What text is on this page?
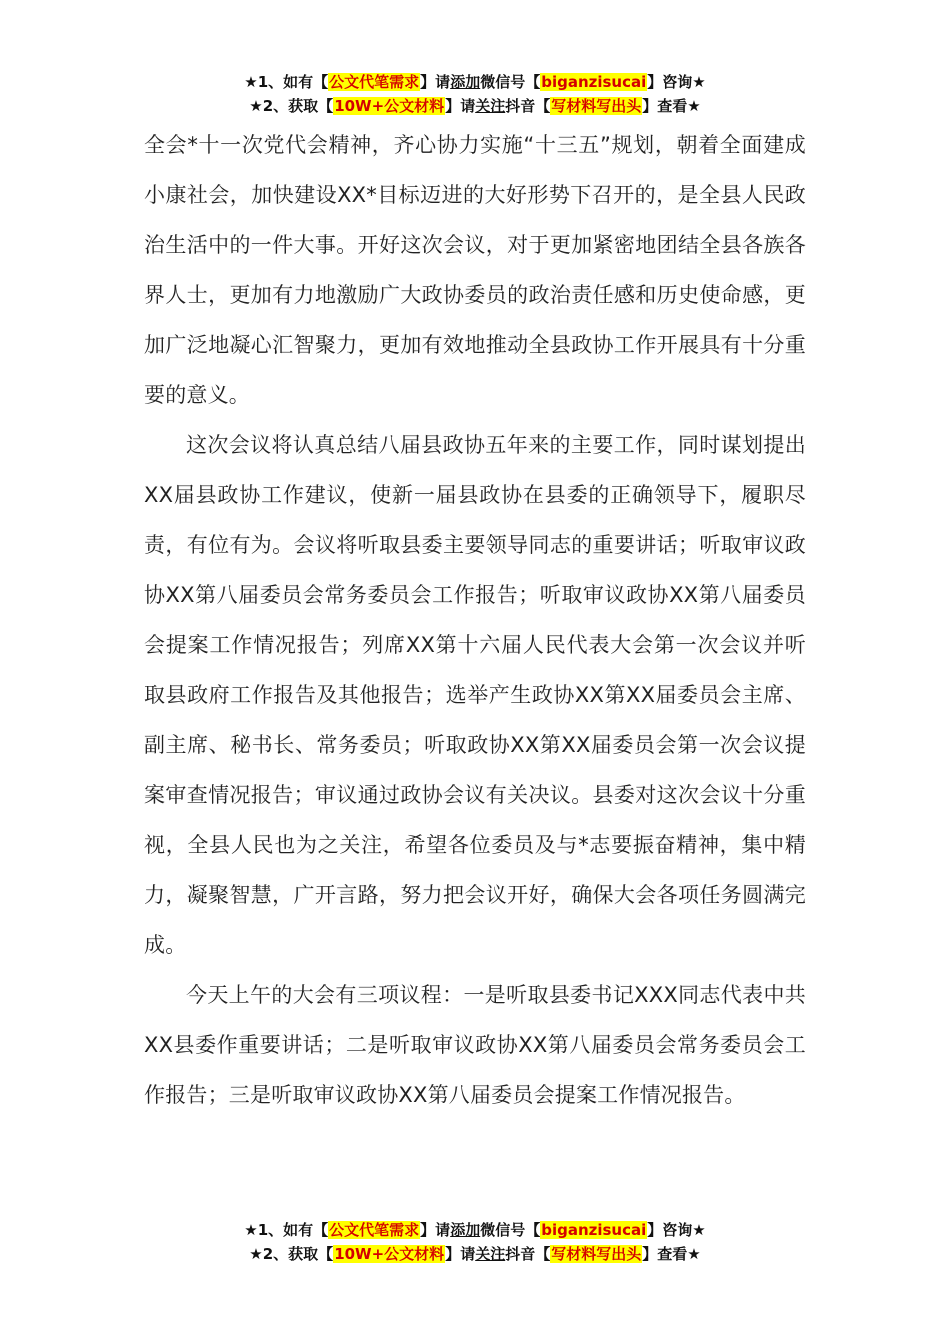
★1、如有【公文代笔需求】请添加微信号【biganzisucai】咨询★
★2、获取【10W+公文材料】请关注抖音【写材料写出头】查看★

全会*十一次党代会精神，齐心协力实施“十三五”规划，朝着全面建成小康社会，加快建设XX*目标迈进的大好形势下召开的，是全县人民政治生活中的一件大事。开好这次会议，对于更加紧密地团结全县各族各界人士，更加有力地激励广大政协委员的政治责任感和历史使命感，更加广泛地凝心汇智聚力，更加有效地推动全县政协工作开展具有十分重要的意义。

这次会议将认真总结八届县政协五年来的主要工作，同时谋划提出XX届县政协工作建议，使新一届县政协在县委的正确领导下，履职尽责，有位有为。会议将听取县委主要领导同志的重要讲话；听取审议政协XX第八届委员会常务委员会工作报告；听取审议政协XX第八届委员会提案工作情况报告；列席XX第十六届人民代表大会第一次会议并听取县政府工作报告及其他报告；选举产生政协XX第XX届委员会主席、副主席、秘书长、常务委员；听取政协XX第XX届委员会第一次会议提案审查情况报告；审议通过政协会议有关决议。县委对这次会议十分重视，全县人民也为之关注，希望各位委员及与*志要振奋精神，集中精力，凝聚智慧，广开言路，努力把会议开好，确保大会各项任务圆满完成。

今天上午的大会有三项议程：一是听取县委书记XXX同志代表中共XX县委作重要讲话；二是听取审议政协XX第八届委员会常务委员会工作报告；三是听取审议政协XX第八届委员会提案工作情况报告。

★1、如有【公文代笔需求】请添加微信号【biganzisucai】咨询★
★2、获取【10W+公文材料】请关注抖音【写材料写出头】查看★
